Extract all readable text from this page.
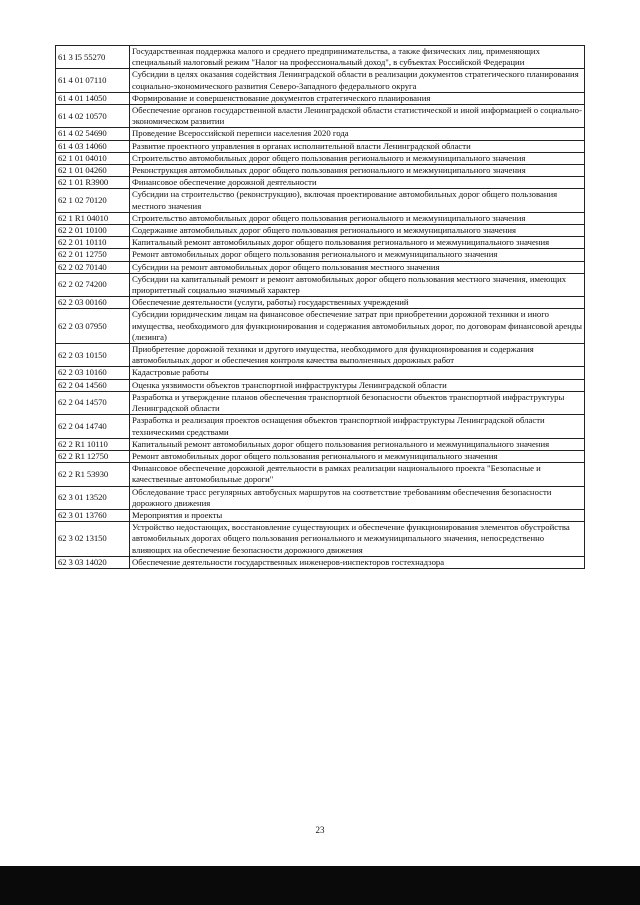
61 3 I5 55270	Государственная поддержка малого и среднего предпринимательства, а также физических лиц, применяющих специальный налоговый режим "Налог на профессиональный доход", в субъектах Российской Федерации
61 4 01 07110	Субсидии в целях оказания содействия Ленинградской области в реализации документов стратегического планирования социально-экономического развития Северо-Западного федерального округа
61 4 01 14050	Формирование и совершенствование документов стратегического планирования
61 4 02 10570	Обеспечение органов государственной власти Ленинградской области статистической и иной информацией о социально-экономическом развитии
61 4 02 54690	Проведение Всероссийской переписи населения 2020 года
61 4 03 14060	Развитие проектного управления в органах исполнительной власти Ленинградской области
62 1 01 04010	Строительство автомобильных дорог общего пользования регионального и межмуниципального значения
62 1 01 04260	Реконструкция автомобильных дорог общего пользования регионального и межмуниципального значения
62 1 01 R3900	Финансовое обеспечение дорожной деятельности
62 1 02 70120	Субсидии на строительство (реконструкцию), включая проектирование автомобильных дорог общего пользования местного значения
62 1 R1 04010	Строительство автомобильных дорог общего пользования регионального и межмуниципального значения
62 2 01 10100	Содержание автомобильных дорог общего пользования регионального и межмуниципального значения
62 2 01 10110	Капитальный ремонт автомобильных дорог общего пользования регионального и межмуниципального значения
62 2 01 12750	Ремонт автомобильных дорог общего пользования регионального и межмуниципального значения
62 2 02 70140	Субсидии на ремонт автомобильных дорог общего пользования местного значения
62 2 02 74200	Субсидии на капитальный ремонт и ремонт автомобильных дорог общего пользования местного значения, имеющих приоритетный социально значимый характер
62 2 03 00160	Обеспечение деятельности (услуги, работы) государственных учреждений
62 2 03 07950	Субсидии юридическим лицам на финансовое обеспечение затрат при приобретении дорожной техники и иного имущества, необходимого для функционирования и содержания автомобильных дорог, по договорам финансовой аренды (лизинга)
62 2 03 10150	Приобретение дорожной техники и другого имущества, необходимого для функционирования и содержания автомобильных дорог и обеспечения контроля качества выполненных дорожных работ
62 2 03 10160	Кадастровые работы
62 2 04 14560	Оценка уязвимости объектов транспортной инфраструктуры Ленинградской области
62 2 04 14570	Разработка и утверждение планов обеспечения транспортной безопасности объектов транспортной инфраструктуры Ленинградской области
62 2 04 14740	Разработка и реализация проектов оснащения объектов транспортной инфраструктуры Ленинградской области техническими средствами
62 2 R1 10110	Капитальный ремонт автомобильных дорог общего пользования регионального и межмуниципального значения
62 2 R1 12750	Ремонт автомобильных дорог общего пользования регионального и межмуниципального значения
62 2 R1 53930	Финансовое обеспечение дорожной деятельности в рамках реализации национального проекта "Безопасные и качественные автомобильные дороги"
62 3 01 13520	Обследование трасс регулярных автобусных маршрутов на соответствие требованиям обеспечения безопасности дорожного движения
62 3 01 13760	Мероприятия и проекты
62 3 02 13150	Устройство недостающих, восстановление существующих и обеспечение функционирования элементов обустройства автомобильных дорогах общего пользования регионального и межмуниципального значения, непосредственно влияющих на обеспечение безопасности дорожного движения
62 3 03 14020	Обеспечение деятельности государственных инженеров-инспекторов гостехнадзора
23
